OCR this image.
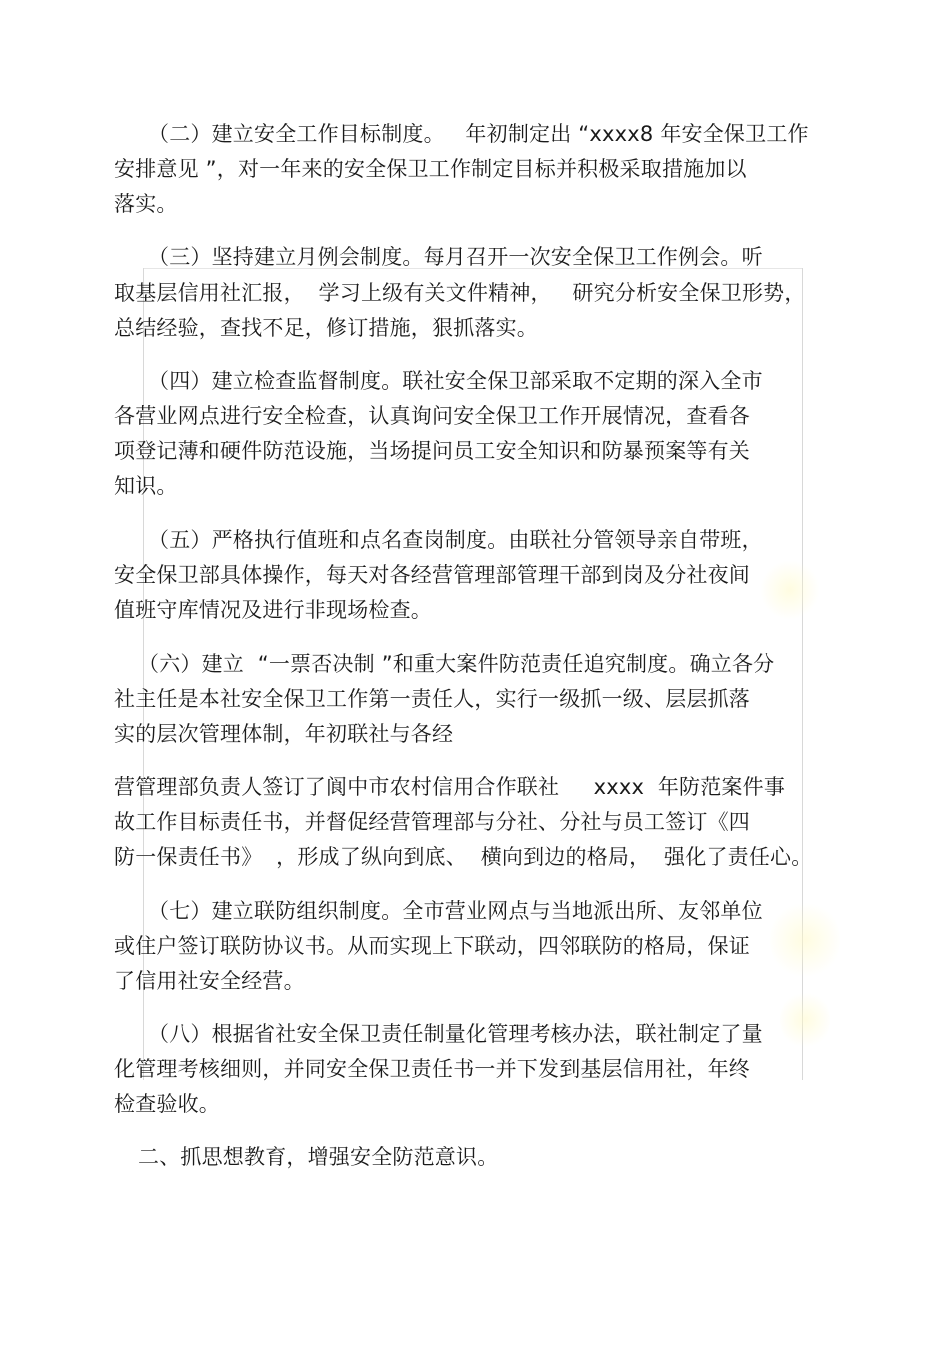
（二）建立安全工作目标制度。   年初制定出 “xxxx8 年安全保卫工作
安排意见 ”，对一年来的安全保卫工作制定目标并积极采取措施加以
落实。
（三）坚持建立月例会制度。每月召开一次安全保卫工作例会。听
取基层信用社汇报，  学习上级有关文件精神，   研究分析安全保卫形势，
总结经验，查找不足，修订措施，狠抓落实。
（四）建立检查监督制度。联社安全保卫部采取不定期的深入全市
各营业网点进行安全检查，认真询问安全保卫工作开展情况，查看各
项登记薄和硬件防范设施，当场提问员工安全知识和防暴预案等有关
知识。
（五）严格执行值班和点名查岗制度。由联社分管领导亲自带班，
安全保卫部具体操作，每天对各经营管理部管理干部到岗及分社夜间
值班守库情况及进行非现场检查。
（六）建立  “一票否决制 ”和重大案件防范责任追究制度。确立各分
社主任是本社安全保卫工作第一责任人，实行一级抓一级、层层抓落
实的层次管理体制，年初联社与各经
营管理部负责人签订了阆中市农村信用合作联社     xxxx  年防范案件事
故工作目标责任书，并督促经营管理部与分社、分社与员工签订《四
防一保责任书》  ，形成了纵向到底、  横向到边的格局，  强化了责任心。
（七）建立联防组织制度。全市营业网点与当地派出所、友邻单位
或住户签订联防协议书。从而实现上下联动，四邻联防的格局，保证
了信用社安全经营。
（八）根据省社安全保卫责任制量化管理考核办法，联社制定了量
化管理考核细则，并同安全保卫责任书一并下发到基层信用社，年终
检查验收。
二、抓思想教育，增强安全防范意识。
